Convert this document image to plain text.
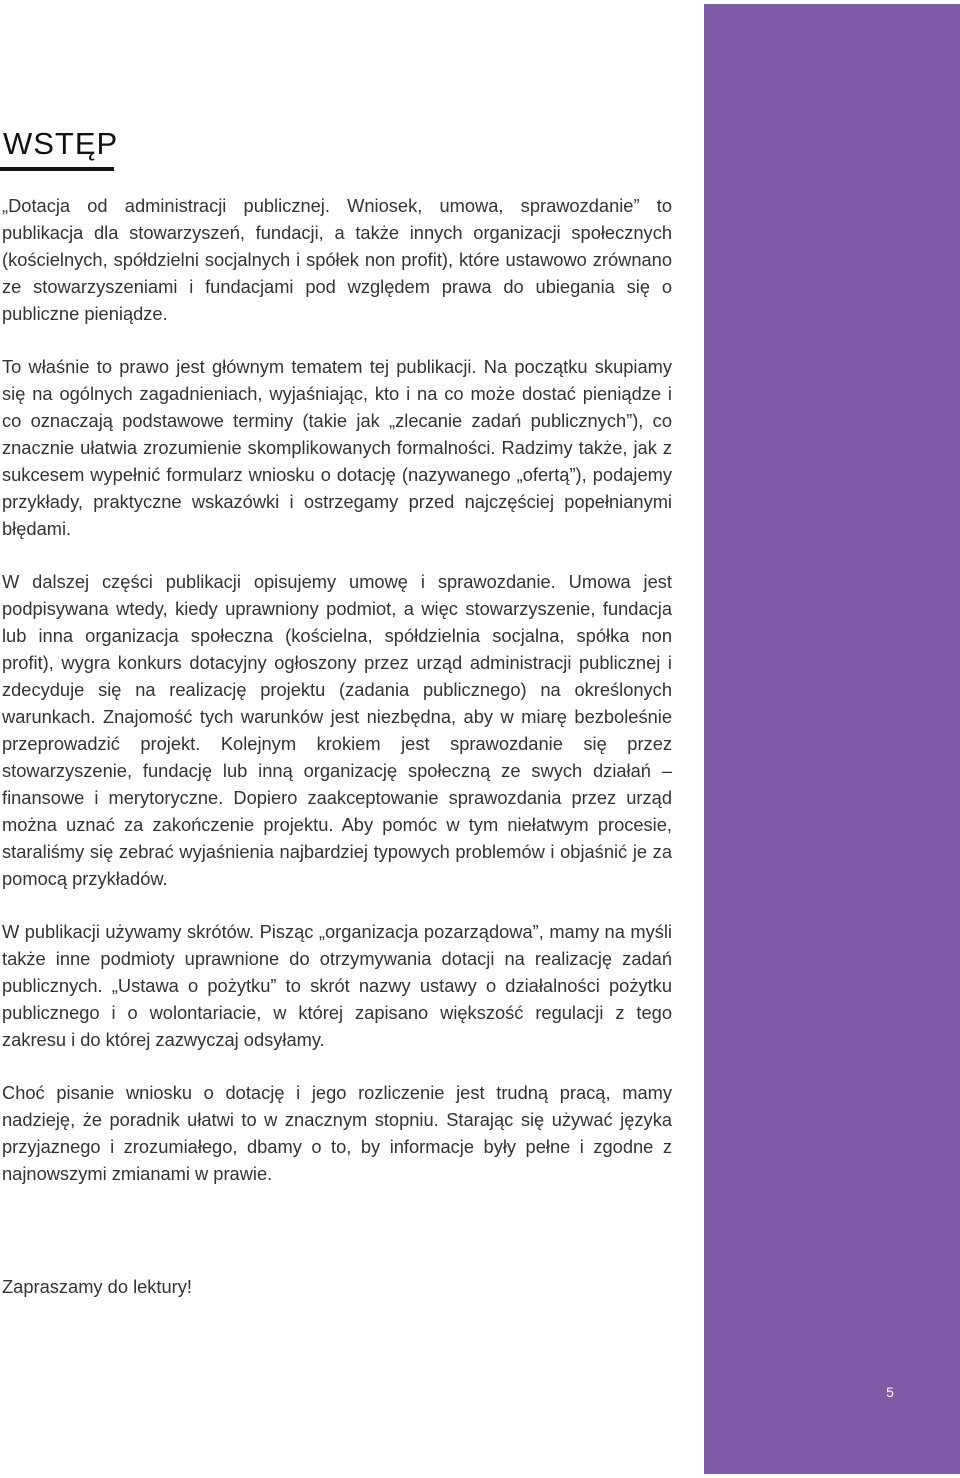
WSTĘP

„Dotacja od administracji publicznej. Wniosek, umowa, sprawozdanie” to publikacja dla stowarzyszeń, fundacji, a także innych organizacji społecznych (kościelnych, spółdzielni socjalnych i spółek non profit), które ustawowo zrównano ze stowarzyszeniami i fundacjami pod względem prawa do ubiegania się o publiczne pieniądze.

To właśnie to prawo jest głównym tematem tej publikacji. Na początku skupiamy się na ogólnych zagadnieniach, wyjaśniając, kto i na co może dostać pieniądze i co oznaczają podstawowe terminy (takie jak „zlecanie zadań publicznych”), co znacznie ułatwia zrozumienie skomplikowanych formalności. Radzimy także, jak z sukcesem wypełnić formularz wniosku o dotację (nazywanego „ofertą”), podajemy przykłady, praktyczne wskazówki i ostrzegamy przed najczęściej popełnianymi błędami.

W dalszej części publikacji opisujemy umowę i sprawozdanie. Umowa jest podpisywana wtedy, kiedy uprawniony podmiot, a więc stowarzyszenie, fundacja lub inna organizacja społeczna (kościelna, spółdzielnia socjalna, spółka non profit), wygra konkurs dotacyjny ogłoszony przez urząd administracji publicznej i zdecyduje się na realizację projektu (zadania publicznego) na określonych warunkach. Znajomość tych warunków jest niezbędna, aby w miarę bezboleśnie przeprowadzić projekt. Kolejnym krokiem jest sprawozdanie się przez stowarzyszenie, fundację lub inną organizację społeczną ze swych działań – finansowe i merytoryczne. Dopiero zaakceptowanie sprawozdania przez urząd można uznać za zakończenie projektu. Aby pomóc w tym niełatwym procesie, staraliśmy się zebrać wyjaśnienia najbardziej typowych problemów i objaśnić je za pomocą przykładów.

W publikacji używamy skrótów. Pisząc „organizacja pozarządowa”, mamy na myśli także inne podmioty uprawnione do otrzymywania dotacji na realizację zadań publicznych. „Ustawa o pożytku” to skrót nazwy ustawy o działalności pożytku publicznego i o wolontariacie, w której zapisano większość regulacji z tego zakresu i do której zazwyczaj odsyłamy.

Choć pisanie wniosku o dotację i jego rozliczenie jest trudną pracą, mamy nadzieję, że poradnik ułatwi to w znacznym stopniu. Starając się używać języka przyjaznego i zrozumiałego, dbamy o to, by informacje były pełne i zgodne z najnowszymi zmianami w prawie.

Zapraszamy do lektury!

5
